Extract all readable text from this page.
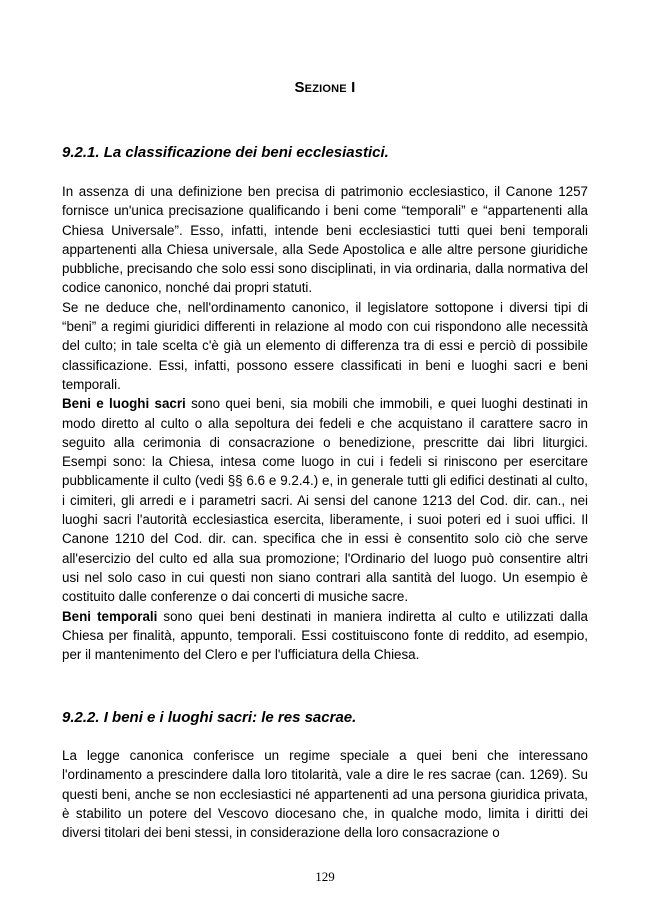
Sezione I
9.2.1. La classificazione dei beni ecclesiastici.

In assenza di una definizione ben precisa di patrimonio ecclesiastico, il Canone 1257 fornisce un'unica precisazione qualificando i beni come “temporali” e “appartenenti alla Chiesa Universale”. Esso, infatti, intende beni ecclesiastici tutti quei beni temporali appartenenti alla Chiesa universale, alla Sede Apostolica e alle altre persone giuridiche pubbliche, precisando che solo essi sono disciplinati, in via ordinaria, dalla normativa del codice canonico, nonché dai propri statuti.

Se ne deduce che, nell'ordinamento canonico, il legislatore sottopone i diversi tipi di “beni” a regimi giuridici differenti in relazione al modo con cui rispondono alle necessità del culto; in tale scelta c'è già un elemento di differenza tra di essi e perciò di possibile classificazione. Essi, infatti, possono essere classificati in beni e luoghi sacri e beni temporali.

Beni e luoghi sacri sono quei beni, sia mobili che immobili, e quei luoghi destinati in modo diretto al culto o alla sepoltura dei fedeli e che acquistano il carattere sacro in seguito alla cerimonia di consacrazione o benedizione, prescritte dai libri liturgici. Esempi sono: la Chiesa, intesa come luogo in cui i fedeli si riniscono per esercitare pubblicamente il culto (vedi §§ 6.6 e 9.2.4.) e, in generale tutti gli edifici destinati al culto, i cimiteri, gli arredi e i parametri sacri. Ai sensi del canone 1213 del Cod. dir. can., nei luoghi sacri l'autorità ecclesiastica esercita, liberamente, i suoi poteri ed i suoi uffici. Il Canone 1210 del Cod. dir. can. specifica che in essi è consentito solo ciò che serve all'esercizio del culto ed alla sua promozione; l'Ordinario del luogo può consentire altri usi nel solo caso in cui questi non siano contrari alla santità del luogo. Un esempio è costituito dalle conferenze o dai concerti di musiche sacre.

Beni temporali sono quei beni destinati in maniera indiretta al culto e utilizzati dalla Chiesa per finalità, appunto, temporali. Essi costituiscono fonte di reddito, ad esempio, per il mantenimento del Clero e per l'ufficiatura della Chiesa.

9.2.2. I beni e i luoghi sacri: le res sacrae.

La legge canonica conferisce un regime speciale a quei beni che interessano l'ordinamento a prescindere dalla loro titolarità, vale a dire le res sacrae (can. 1269). Su questi beni, anche se non ecclesiastici né appartenenti ad una persona giuridica privata, è stabilito un potere del Vescovo diocesano che, in qualche modo, limita i diritti dei diversi titolari dei beni stessi, in considerazione della loro consacrazione o

129
